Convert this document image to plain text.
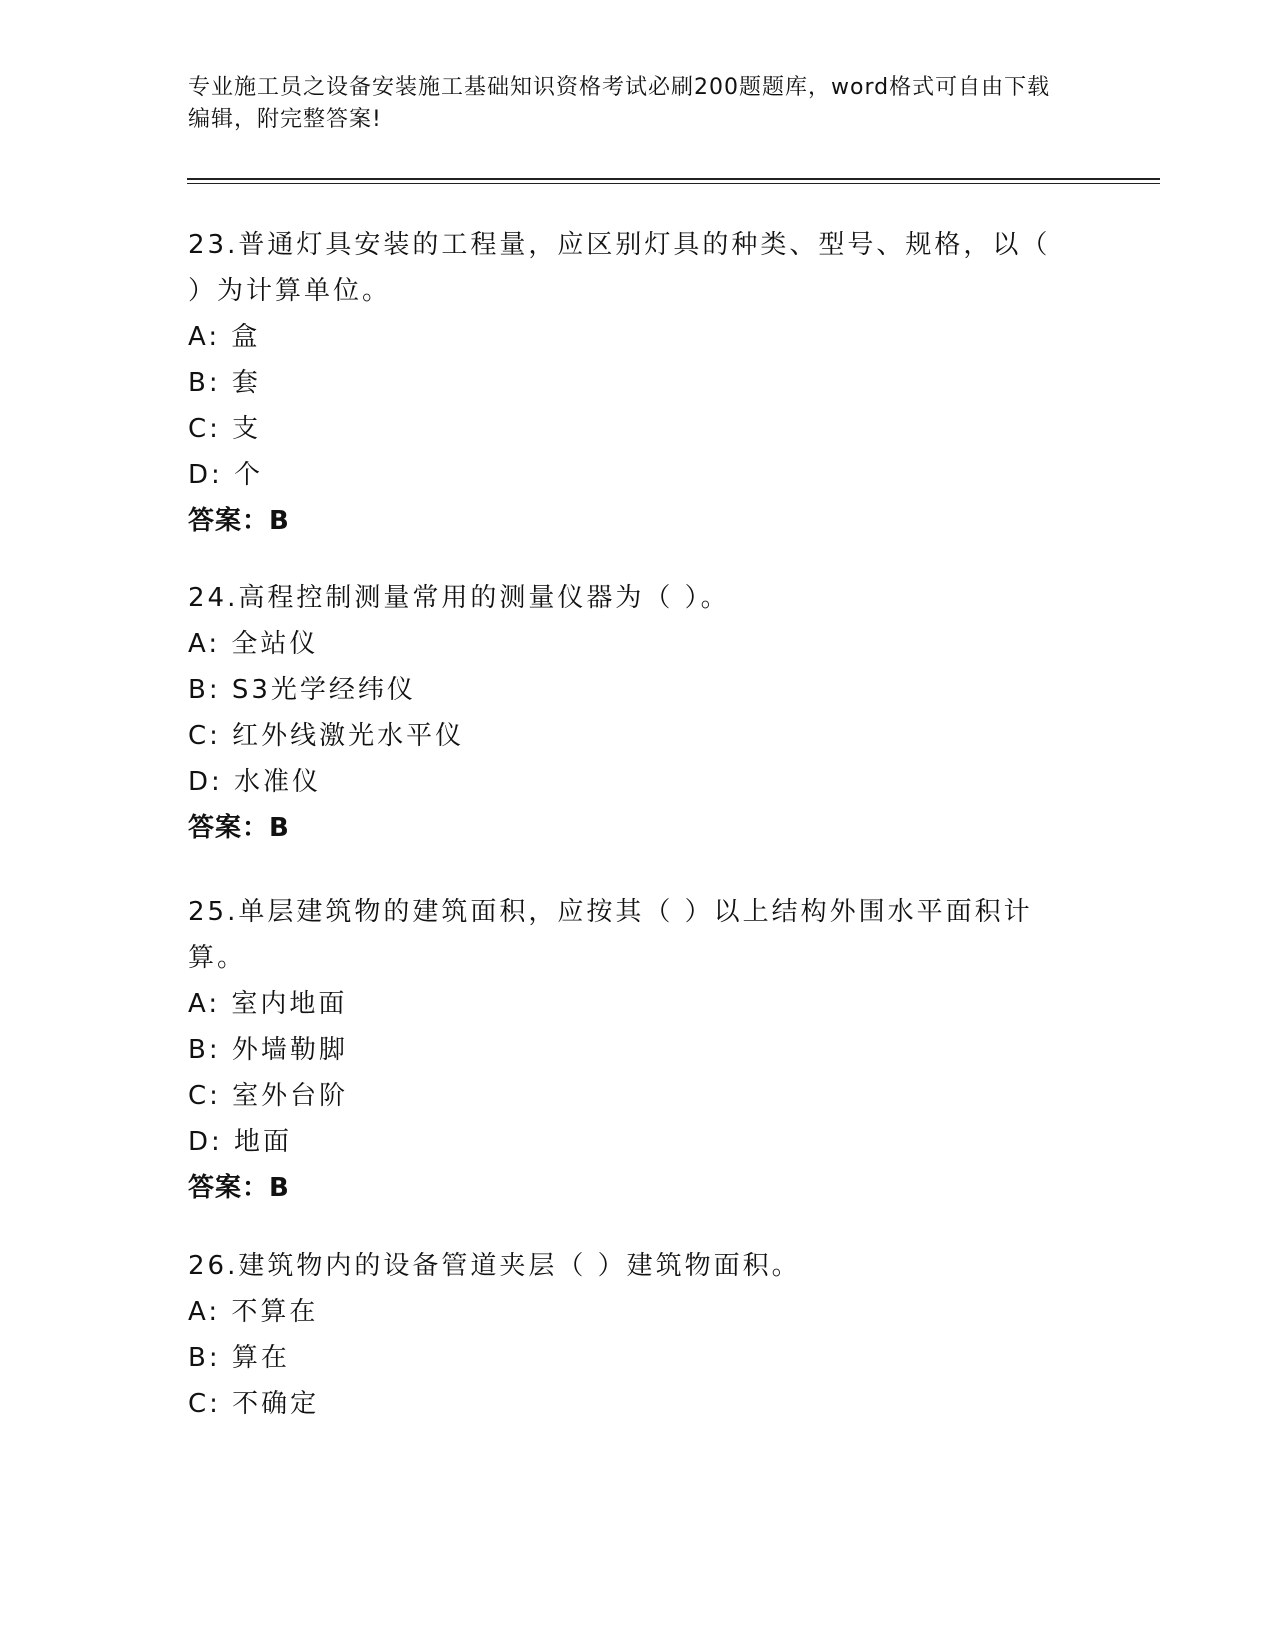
专业施工员之设备安装施工基础知识资格考试必刷200题题库，word格式可自由下载编辑，附完整答案!
23.普通灯具安装的工程量，应区别灯具的种类、型号、规格，以（ ）为计算单位。
A: 盒
B: 套
C: 支
D: 个
答案：B
24.高程控制测量常用的测量仪器为（ ）。
A: 全站仪
B: S3光学经纬仪
C: 红外线激光水平仪
D: 水准仪
答案：B
25.单层建筑物的建筑面积，应按其（ ）以上结构外围水平面积计算。
A: 室内地面
B: 外墙勒脚
C: 室外台阶
D: 地面
答案：B
26.建筑物内的设备管道夹层（ ）建筑物面积。
A: 不算在
B: 算在
C: 不确定
